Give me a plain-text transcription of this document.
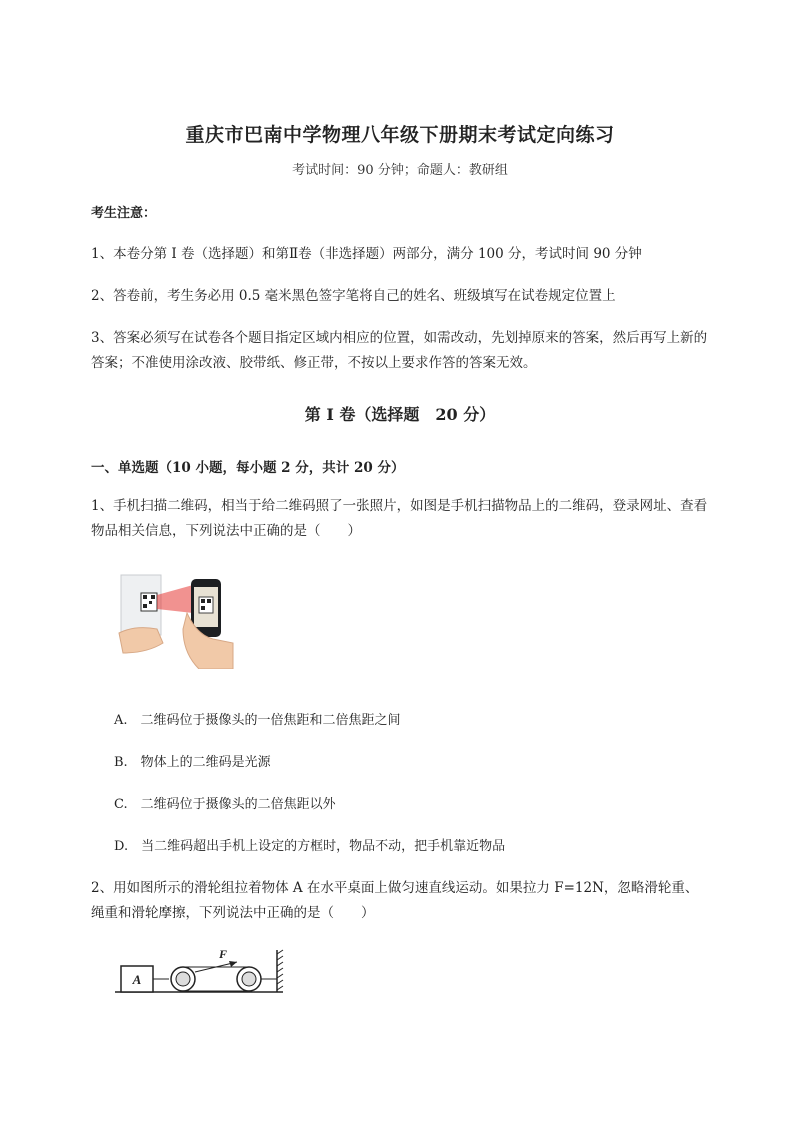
重庆市巴南中学物理八年级下册期末考试定向练习
考试时间：90 分钟；命题人：教研组
考生注意：
1、本卷分第 I 卷（选择题）和第Ⅱ卷（非选择题）两部分，满分 100 分，考试时间 90 分钟
2、答卷前，考生务必用 0.5 毫米黑色签字笔将自己的姓名、班级填写在试卷规定位置上
3、答案必须写在试卷各个题目指定区域内相应的位置，如需改动，先划掉原来的答案，然后再写上新的答案；不准使用涂改液、胶带纸、修正带，不按以上要求作答的答案无效。
第 I 卷（选择题　20 分）
一、单选题（10 小题，每小题 2 分，共计 20 分）
1、手机扫描二维码，相当于给二维码照了一张照片，如图是手机扫描物品上的二维码，登录网址、查看物品相关信息，下列说法中正确的是（　　）
A.　二维码位于摄像头的一倍焦距和二倍焦距之间
B.　物体上的二维码是光源
C.　二维码位于摄像头的二倍焦距以外
D.　当二维码超出手机上设定的方框时，物品不动，把手机靠近物品
2、用如图所示的滑轮组拉着物体 A 在水平桌面上做匀速直线运动。如果拉力 F=12N，忽略滑轮重、绳重和滑轮摩擦，下列说法中正确的是（　　）
A
F
